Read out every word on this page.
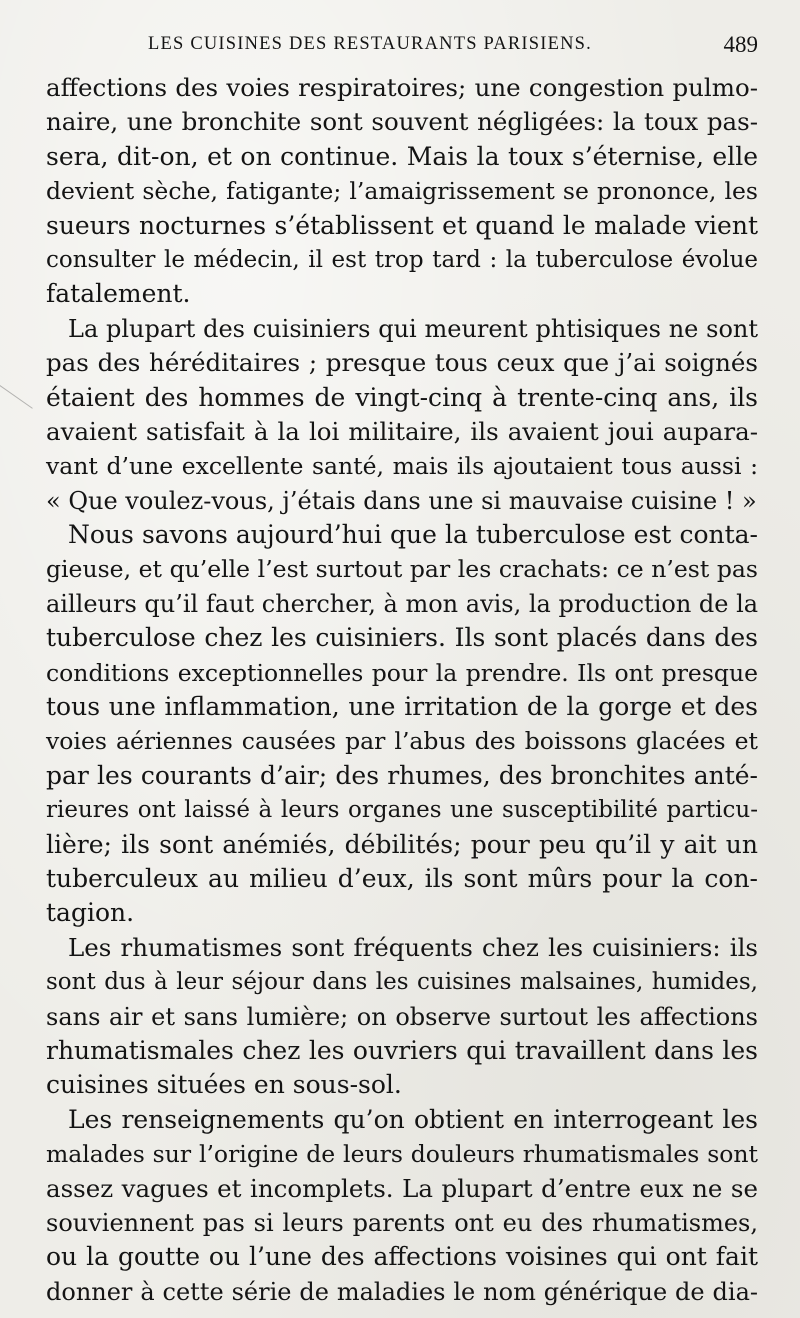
LES CUISINES DES RESTAURANTS PARISIENS.	489
affections des voies respiratoires; une congestion pulmo-
naire, une bronchite sont souvent négligées: la toux pas-
sera, dit-on, et on continue. Mais la toux s’éternise, elle
devient sèche, fatigante; l’amaigrissement se prononce, les
sueurs nocturnes s’établissent et quand le malade vient
consulter le médecin, il est trop tard : la tuberculose évolue
fatalement.
La plupart des cuisiniers qui meurent phtisiques ne sont
pas des héréditaires ; presque tous ceux que j’ai soignés
étaient des hommes de vingt-cinq à trente-cinq ans, ils
avaient satisfait à la loi militaire, ils avaient joui aupara-
vant d’une excellente santé, mais ils ajoutaient tous aussi :
« Que voulez-vous, j’étais dans une si mauvaise cuisine ! »
Nous savons aujourd’hui que la tuberculose est conta-
gieuse, et qu’elle l’est surtout par les crachats: ce n’est pas
ailleurs qu’il faut chercher, à mon avis, la production de la
tuberculose chez les cuisiniers. Ils sont placés dans des
conditions exceptionnelles pour la prendre. Ils ont presque
tous une inflammation, une irritation de la gorge et des
voies aériennes causées par l’abus des boissons glacées et
par les courants d’air; des rhumes, des bronchites anté-
rieures ont laissé à leurs organes une susceptibilité particu-
lière; ils sont anémiés, débilités; pour peu qu’il y ait un
tuberculeux au milieu d’eux, ils sont mûrs pour la con-
tagion.
Les rhumatismes sont fréquents chez les cuisiniers: ils
sont dus à leur séjour dans les cuisines malsaines, humides,
sans air et sans lumière; on observe surtout les affections
rhumatismales chez les ouvriers qui travaillent dans les
cuisines situées en sous-sol.
Les renseignements qu’on obtient en interrogeant les
malades sur l’origine de leurs douleurs rhumatismales sont
assez vagues et incomplets. La plupart d’entre eux ne se
souviennent pas si leurs parents ont eu des rhumatismes,
ou la goutte ou l’une des affections voisines qui ont fait
donner à cette série de maladies le nom générique de dia-
